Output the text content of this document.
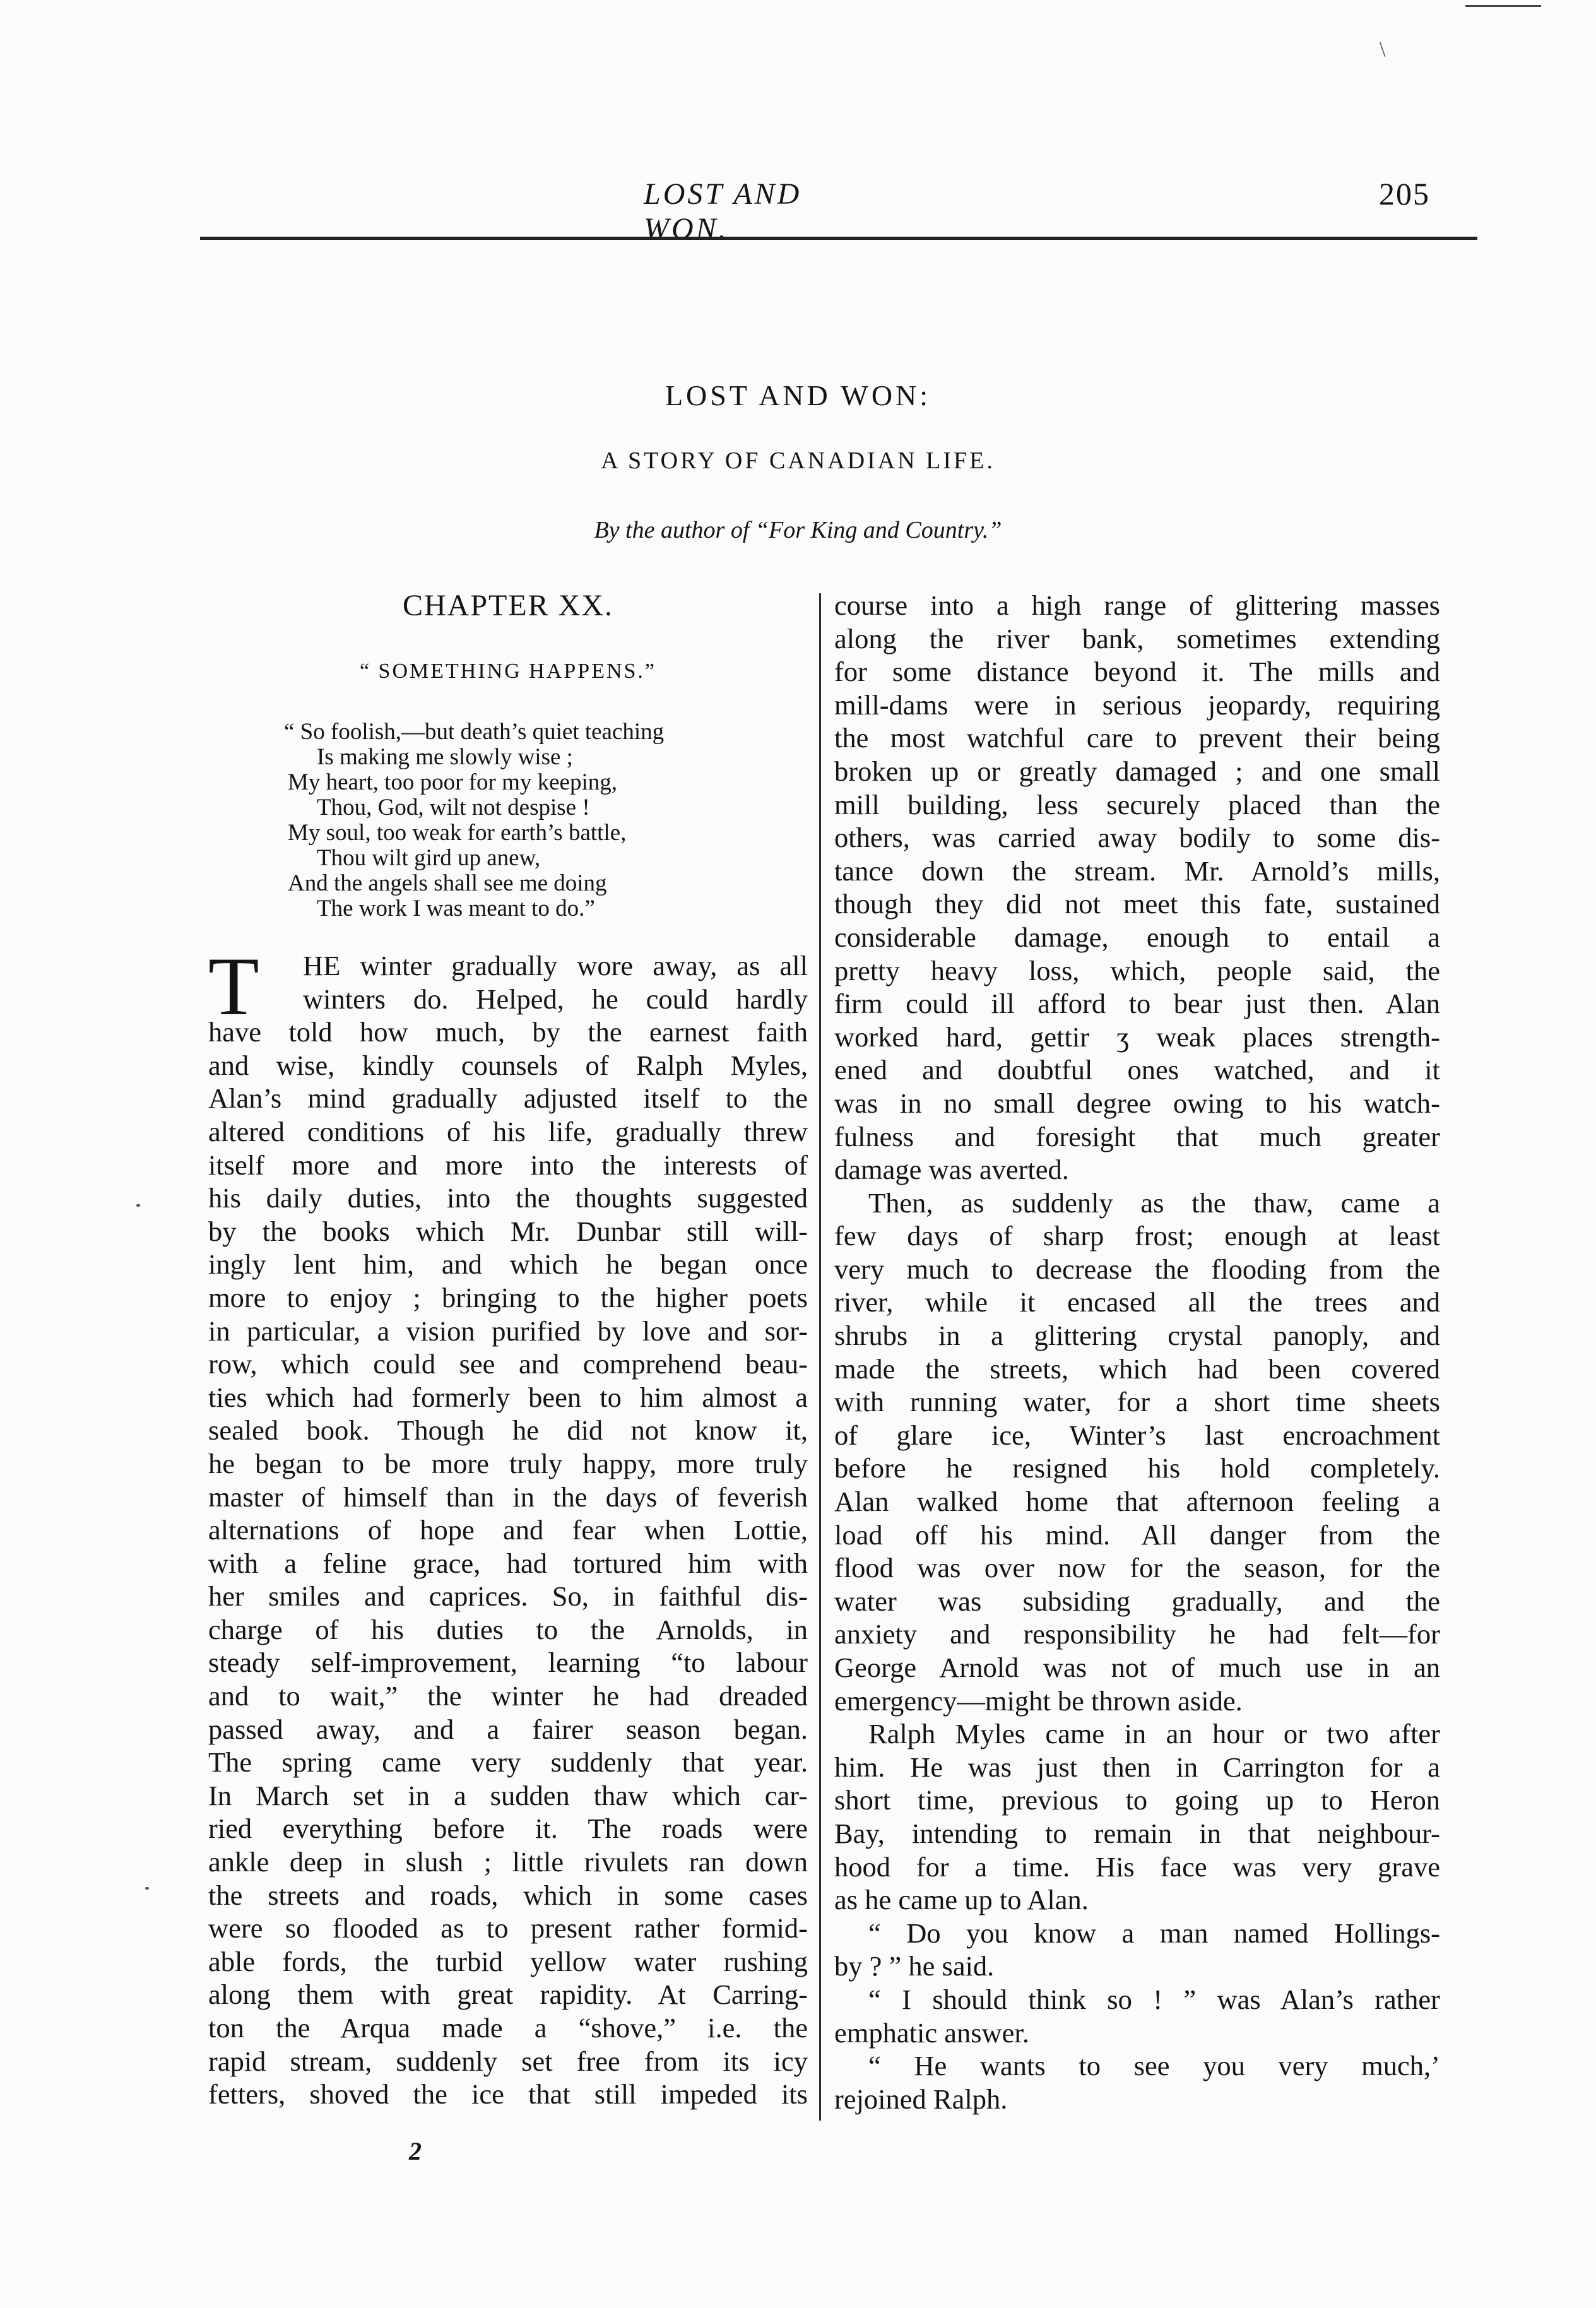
\
LOST AND WON.
205
LOST AND WON:
A STORY OF CANADIAN LIFE.
By the author of “For King and Country.”
CHAPTER XX.
“ SOMETHING HAPPENS.”
“ So foolish,—but death’s quiet teaching
Is making me slowly wise ;
My heart, too poor for my keeping,
Thou, God, wilt not despise !
My soul, too weak for earth’s battle,
Thou wilt gird up anew,
And the angels shall see me doing
The work I was meant to do.”
T	HE winter gradually wore away, as all
winters do. Helped, he could hardly
have told how much, by the earnest faith
and wise, kindly counsels of Ralph Myles,
Alan’s mind gradually adjusted itself to the
altered conditions of his life, gradually threw
itself more and more into the interests of
his daily duties, into the thoughts suggested
by the books which Mr. Dunbar still will-
ingly lent him, and which he began once
more to enjoy ; bringing to the higher poets
in particular, a vision purified by love and sor-
row, which could see and comprehend beau-
ties which had formerly been to him almost a
sealed book. Though he did not know it,
he began to be more truly happy, more truly
master of himself than in the days of feverish
alternations of hope and fear when Lottie,
with a feline grace, had tortured him with
her smiles and caprices. So, in faithful dis-
charge of his duties to the Arnolds, in
steady self-improvement, learning “to labour
and to wait,” the winter he had dreaded
passed away, and a fairer season began.
The spring came very suddenly that year.
In March set in a sudden thaw which car-
ried everything before it. The roads were
ankle deep in slush ; little rivulets ran down
the streets and roads, which in some cases
were so flooded as to present rather formid-
able fords, the turbid yellow water rushing
along them with great rapidity. At Carring-
ton the Arqua made a “shove,” i.e. the
rapid stream, suddenly set free from its icy
fetters, shoved the ice that still impeded its
course into a high range of glittering masses
along the river bank, sometimes extending
for some distance beyond it. The mills and
mill-dams were in serious jeopardy, requiring
the most watchful care to prevent their being
broken up or greatly damaged ; and one small
mill building, less securely placed than the
others, was carried away bodily to some dis-
tance down the stream. Mr. Arnold’s mills,
though they did not meet this fate, sustained
considerable damage, enough to entail a
pretty heavy loss, which, people said, the
firm could ill afford to bear just then. Alan
worked hard, gettir ʒ weak places strength-
ened and doubtful ones watched, and it
was in no small degree owing to his watch-
fulness and foresight that much greater
damage was averted.
Then, as suddenly as the thaw, came a
few days of sharp frost; enough at least
very much to decrease the flooding from the
river, while it encased all the trees and
shrubs in a glittering crystal panoply, and
made the streets, which had been covered
with running water, for a short time sheets
of glare ice, Winter’s last encroachment
before he resigned his hold completely.
Alan walked home that afternoon feeling a
load off his mind. All danger from the
flood was over now for the season, for the
water was subsiding gradually, and the
anxiety and responsibility he had felt—for
George Arnold was not of much use in an
emergency—might be thrown aside.
Ralph Myles came in an hour or two after
him. He was just then in Carrington for a
short time, previous to going up to Heron
Bay, intending to remain in that neighbour-
hood for a time. His face was very grave
as he came up to Alan.
“ Do you know a man named Hollings-
by ? ” he said.
“ I should think so ! ” was Alan’s rather
emphatic answer.
“ He wants to see you very much,’
rejoined Ralph.
2
